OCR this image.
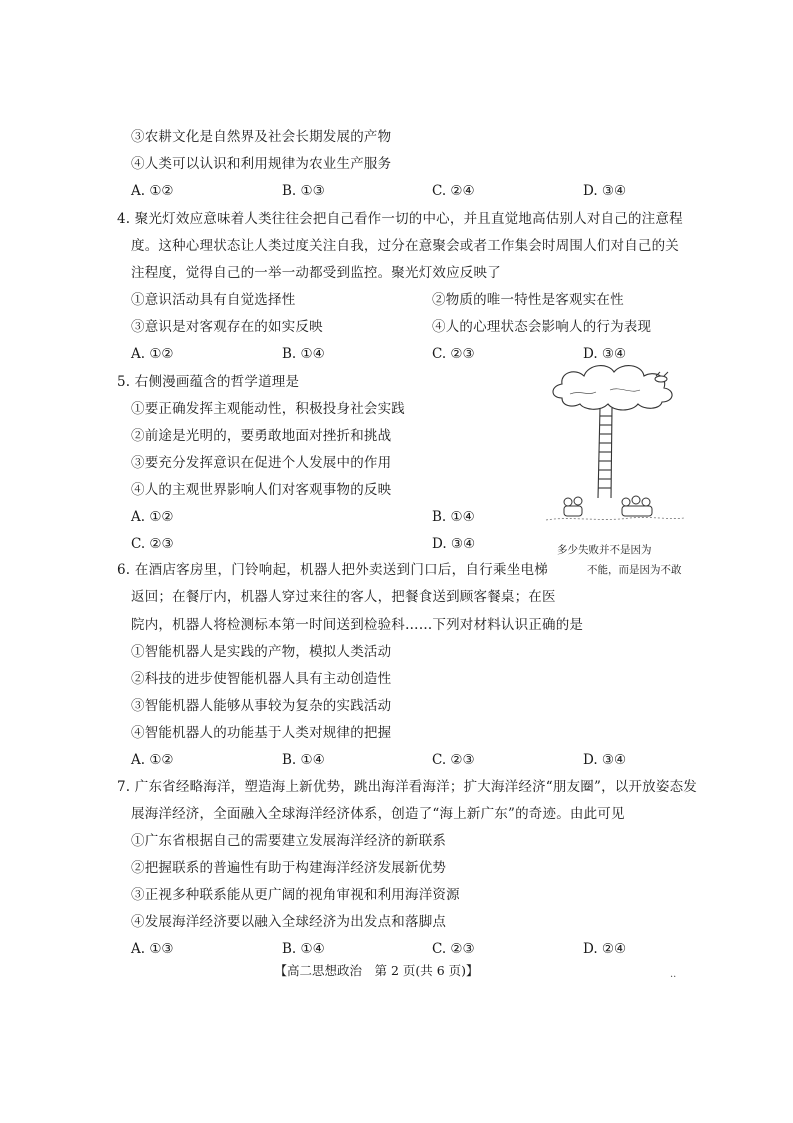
③农耕文化是自然界及社会长期发展的产物
④人类可以认识和利用规律为农业生产服务
A. ①②	B. ①③	C. ②④	D. ③④
4. 聚光灯效应意味着人类往往会把自己看作一切的中心，并且直觉地高估别人对自己的注意程
度。这种心理状态让人类过度关注自我，过分在意聚会或者工作集会时周围人们对自己的关
注程度，觉得自己的一举一动都受到监控。聚光灯效应反映了
①意识活动具有自觉选择性	②物质的唯一特性是客观实在性
③意识是对客观存在的如实反映	④人的心理状态会影响人的行为表现
A. ①②	B. ①④	C. ②③	D. ③④
5. 右侧漫画蕴含的哲学道理是
①要正确发挥主观能动性，积极投身社会实践
②前途是光明的，要勇敢地面对挫折和挑战
③要充分发挥意识在促进个人发展中的作用
④人的主观世界影响人们对客观事物的反映
A. ①②	B. ①④
C. ②③	D. ③④	多少失败并不是因为
不能，而是因为不敢
6. 在酒店客房里，门铃响起，机器人把外卖送到门口后，自行乘坐电梯
返回；在餐厅内，机器人穿过来往的客人，把餐食送到顾客餐桌；在医
院内，机器人将检测标本第一时间送到检验科……下列对材料认识正确的是
①智能机器人是实践的产物，模拟人类活动
②科技的进步使智能机器人具有主动创造性
③智能机器人能够从事较为复杂的实践活动
④智能机器人的功能基于人类对规律的把握
A. ①②	B. ①④	C. ②③	D. ③④
7. 广东省经略海洋，塑造海上新优势，跳出海洋看海洋；扩大海洋经济“朋友圈”，以开放姿态发
展海洋经济，全面融入全球海洋经济体系，创造了“海上新广东”的奇迹。由此可见
①广东省根据自己的需要建立发展海洋经济的新联系
②把握联系的普遍性有助于构建海洋经济发展新优势
③正视多种联系能从更广阔的视角审视和利用海洋资源
④发展海洋经济要以融入全球经济为出发点和落脚点
A. ①③	B. ①④	C. ②③	D. ②④
【高二思想政治　第 2 页(共 6 页)】	··
